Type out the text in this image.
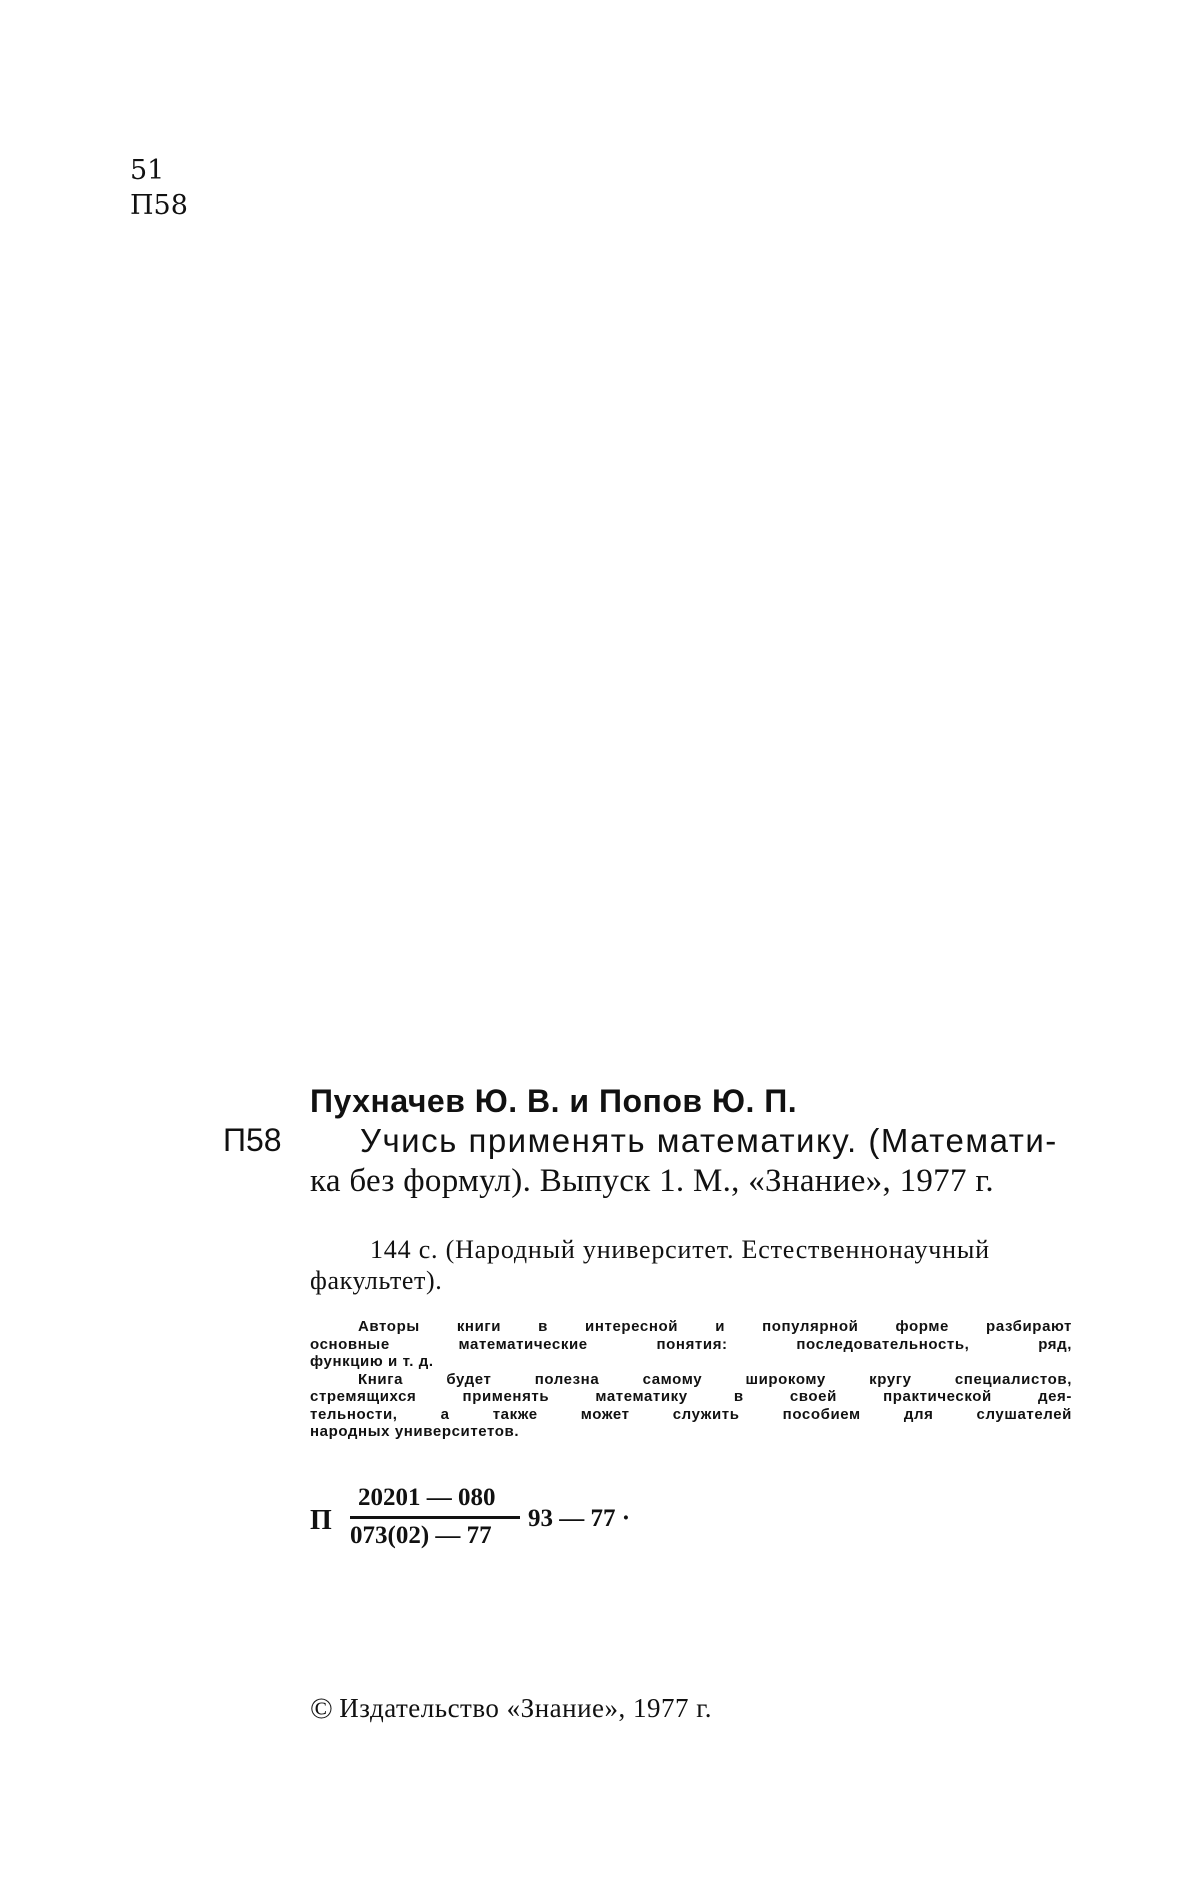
51
П58
Пухначев Ю. В. и Попов Ю. П.
П58 Учись применять математику. (Математи-
ка без формул). Выпуск 1. М., «Знание», 1977 г.
144 с. (Народный университет. Естественнонаучный
факультет).
Авторы книги в интересной и популярной форме разбирают
основные математические понятия: последовательность, ряд,
функцию и т. д.
Книга будет полезна самому широкому кругу специалистов,
стремящихся применять математику в своей практической дея-
тельности, а также может служить пособием для слушателей
народных университетов.
П
20201 — 080
073(02) — 77
93 — 77 ·
© Издательство «Знание», 1977 г.
